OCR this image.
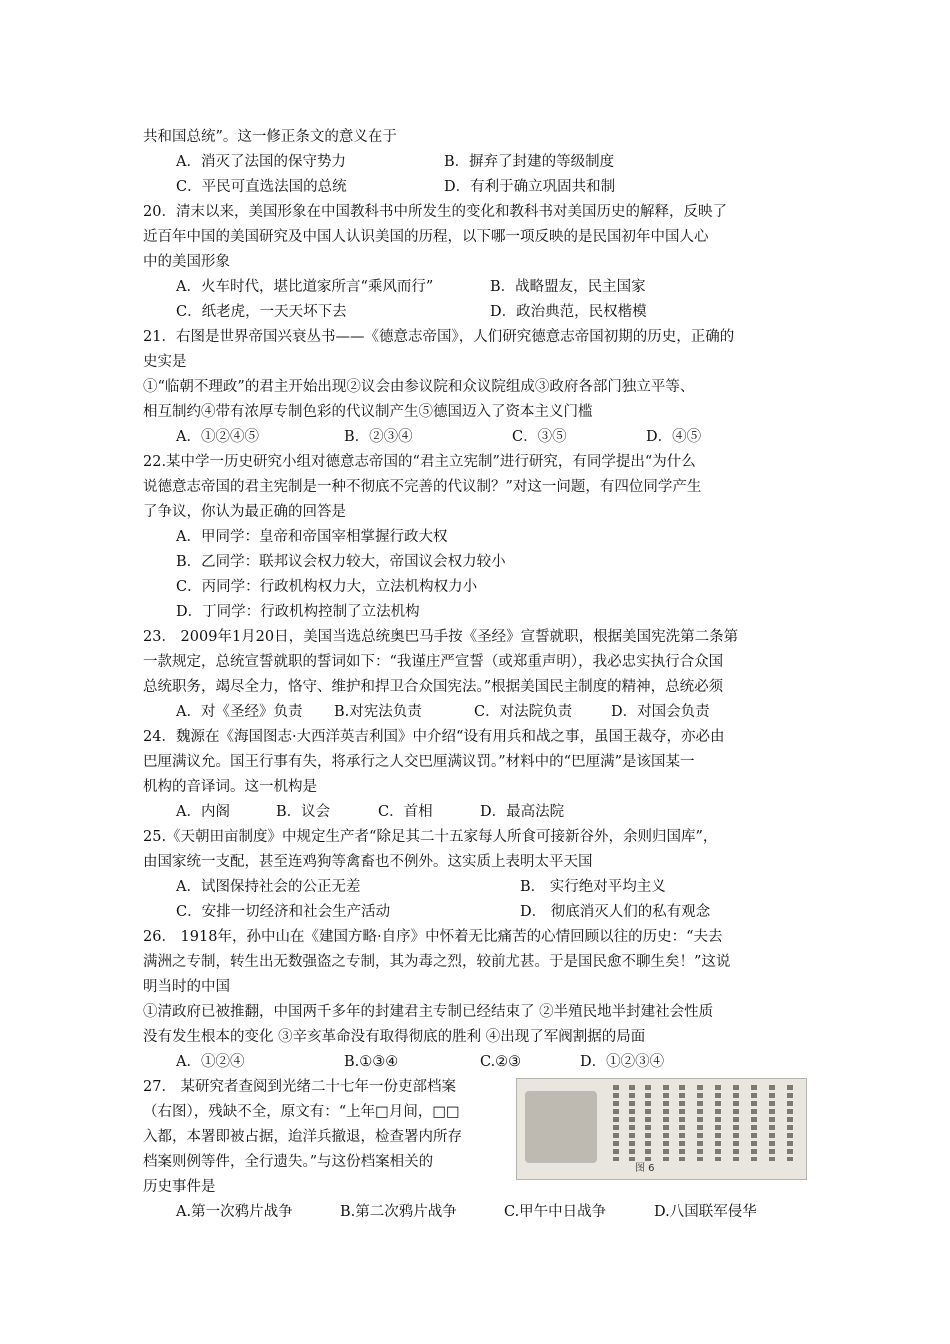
共和国总统”。这一修正条文的意义在于
A．消灭了法国的保守势力	B．摒弃了封建的等级制度
C．平民可直选法国的总统	D．有利于确立巩固共和制
20．清末以来，美国形象在中国教科书中所发生的变化和教科书对美国历史的解释，反映了
近百年中国的美国研究及中国人认识美国的历程，以下哪一项反映的是民国初年中国人心
中的美国形象
A．火车时代，堪比道家所言“乘风而行”	B．战略盟友，民主国家
C．纸老虎，一天天坏下去	D．政治典范，民权楷模
21．右图是世界帝国兴衰丛书——《德意志帝国》，人们研究德意志帝国初期的历史，正确的
史实是
①“临朝不理政”的君主开始出现②议会由参议院和众议院组成③政府各部门独立平等、
相互制约④带有浓厚专制色彩的代议制产生⑤德国迈入了资本主义门槛
A．①②④⑤	B．②③④	C．③⑤	D．④⑤
22.某中学一历史研究小组对德意志帝国的“君主立宪制”进行研究，有同学提出“为什么
说德意志帝国的君主宪制是一种不彻底不完善的代议制？”对这一问题，有四位同学产生
了争议，你认为最正确的回答是
A．甲同学：皇帝和帝国宰相掌握行政大权
B．乙同学：联邦议会权力较大，帝国议会权力较小
C．丙同学：行政机构权力大，立法机构权力小
D．丁同学：行政机构控制了立法机构
23． 2009年1月20日，美国当选总统奥巴马手按《圣经》宣誓就职，根据美国宪洗第二条第
一款规定，总统宣誓就职的誓词如下：“我谨庄严宣誓（或郑重声明），我必忠实执行合众国
总统职务，竭尽全力，恪守、维护和捍卫合众国宪法。”根据美国民主制度的精神，总统必须
A．对《圣经》负责 B.对宪法负责	C．对法院负责	D．对国会负责
24．魏源在《海国图志·大西洋英吉利国》中介绍“设有用兵和战之事，虽国王裁夺，亦必由
巴厘满议允。国王行事有失，将承行之人交巴厘满议罚。”材料中的“巴厘满”是该国某一
机构的音译词。这一机构是
A．内阁	B．议会	C．首相	D．最高法院
25.《天朝田亩制度》中规定生产者“除足其二十五家每人所食可接新谷外，余则归国库”，
由国家统一支配，甚至连鸡狗等禽畜也不例外。这实质上表明太平天国
A．试图保持社会的公正无差	B． 实行绝对平均主义
C．安排一切经济和社会生产活动	D． 彻底消灭人们的私有观念
26． 1918年，孙中山在《建国方略·自序》中怀着无比痛苦的心情回顾以往的历史：“夫去
满洲之专制，转生出无数强盗之专制，其为毒之烈，较前尤甚。于是国民愈不聊生矣！”这说
明当时的中国
①清政府已被推翻，中国两千多年的封建君主专制已经结束了 ②半殖民地半封建社会性质
没有发生根本的变化 ③辛亥革命没有取得彻底的胜利 ④出现了军阀割据的局面
A．①②④	B.①③④	C.②③	D．①②③④
27． 某研究者查阅到光绪二十七年一份吏部档案
（右图），残缺不全，原文有：“上年□月间，□□
入都，本署即被占据，迨洋兵撤退，检查署内所存
档案则例等件，全行遗失。”与这份档案相关的
历史事件是
A.第一次鸦片战争	B.第二次鸦片战争	C.甲午中日战争	D.八国联军侵华
图 6
